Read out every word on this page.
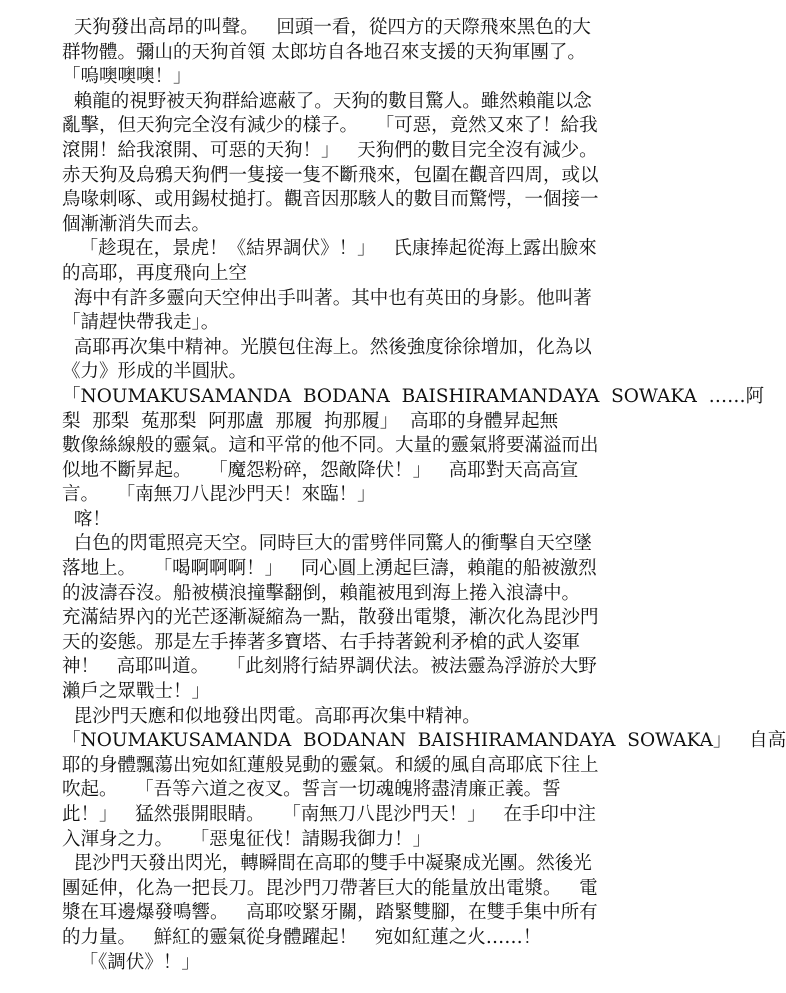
天狗發出高昂的叫聲。   回頭一看，從四方的天際飛來黑色的大
群物體。彌山的天狗首領 太郎坊自各地召來支援的天狗軍團了。
「嗚噢噢噢！」
賴龍的視野被天狗群給遮蔽了。天狗的數目驚人。雖然賴龍以念
亂擊，但天狗完全沒有減少的樣子。   「可惡，竟然又來了！給我
滾開！給我滾開、可惡的天狗！」   天狗們的數目完全沒有減少。
赤天狗及烏鴉天狗們一隻接一隻不斷飛來，包圍在觀音四周，或以
鳥喙刺啄、或用錫杖搥打。觀音因那駭人的數目而驚愕，一個接一
個漸漸消失而去。
「趁現在，景虎！《結界調伏》！」   氏康捧起從海上露出臉來
的高耶，再度飛向上空
海中有許多靈向天空伸出手叫著。其中也有英田的身影。他叫著
「請趕快帶我走」。
高耶再次集中精神。光膜包住海上。然後強度徐徐增加，化為以
《力》形成的半圓狀。
「NOUMAKUSAMANDA  BODANA  BAISHIRAMANDAYA  SOWAKA  ……阿
梨  那梨  菟那梨  阿那盧  那履  拘那履」  高耶的身體昇起無
數像絲線般的靈氣。這和平常的他不同。大量的靈氣將要滿溢而出
似地不斷昇起。   「魔怨粉碎，怨敵降伏！」   高耶對天高高宣
言。   「南無刀八毘沙門天！來臨！」
喀！
白色的閃電照亮天空。同時巨大的雷劈伴同驚人的衝擊自天空墜
落地上。   「喝啊啊啊！」   同心圓上湧起巨濤，賴龍的船被激烈
的波濤吞沒。船被橫浪撞擊翻倒，賴龍被甩到海上捲入浪濤中。
充滿結界內的光芒逐漸凝縮為一點，散發出電漿，漸次化為毘沙門
天的姿態。那是左手捧著多寶塔、右手持著銳利矛槍的武人姿軍
神！   高耶叫道。   「此刻將行結界調伏法。被法靈為浮游於大野
瀨戶之眾戰士！」
毘沙門天應和似地發出閃電。高耶再次集中精神。
「NOUMAKUSAMANDA  BODANAN  BAISHIRAMANDAYA  SOWAKA」   自高
耶的身體飄蕩出宛如紅蓮般晃動的靈氣。和緩的風自高耶底下往上
吹起。   「吾等六道之夜叉。誓言一切魂魄將盡清廉正義。誓
此！」   猛然張開眼睛。   「南無刀八毘沙門天！」   在手印中注
入渾身之力。   「惡鬼征伐！請賜我御力！」
毘沙門天發出閃光，轉瞬間在高耶的雙手中凝聚成光團。然後光
團延伸，化為一把長刀。毘沙門刀帶著巨大的能量放出電漿。   電
漿在耳邊爆發鳴響。   高耶咬緊牙關，踏緊雙腳，在雙手集中所有
的力量。   鮮紅的靈氣從身體躍起！   宛如紅蓮之火……！
「《調伏》！」
